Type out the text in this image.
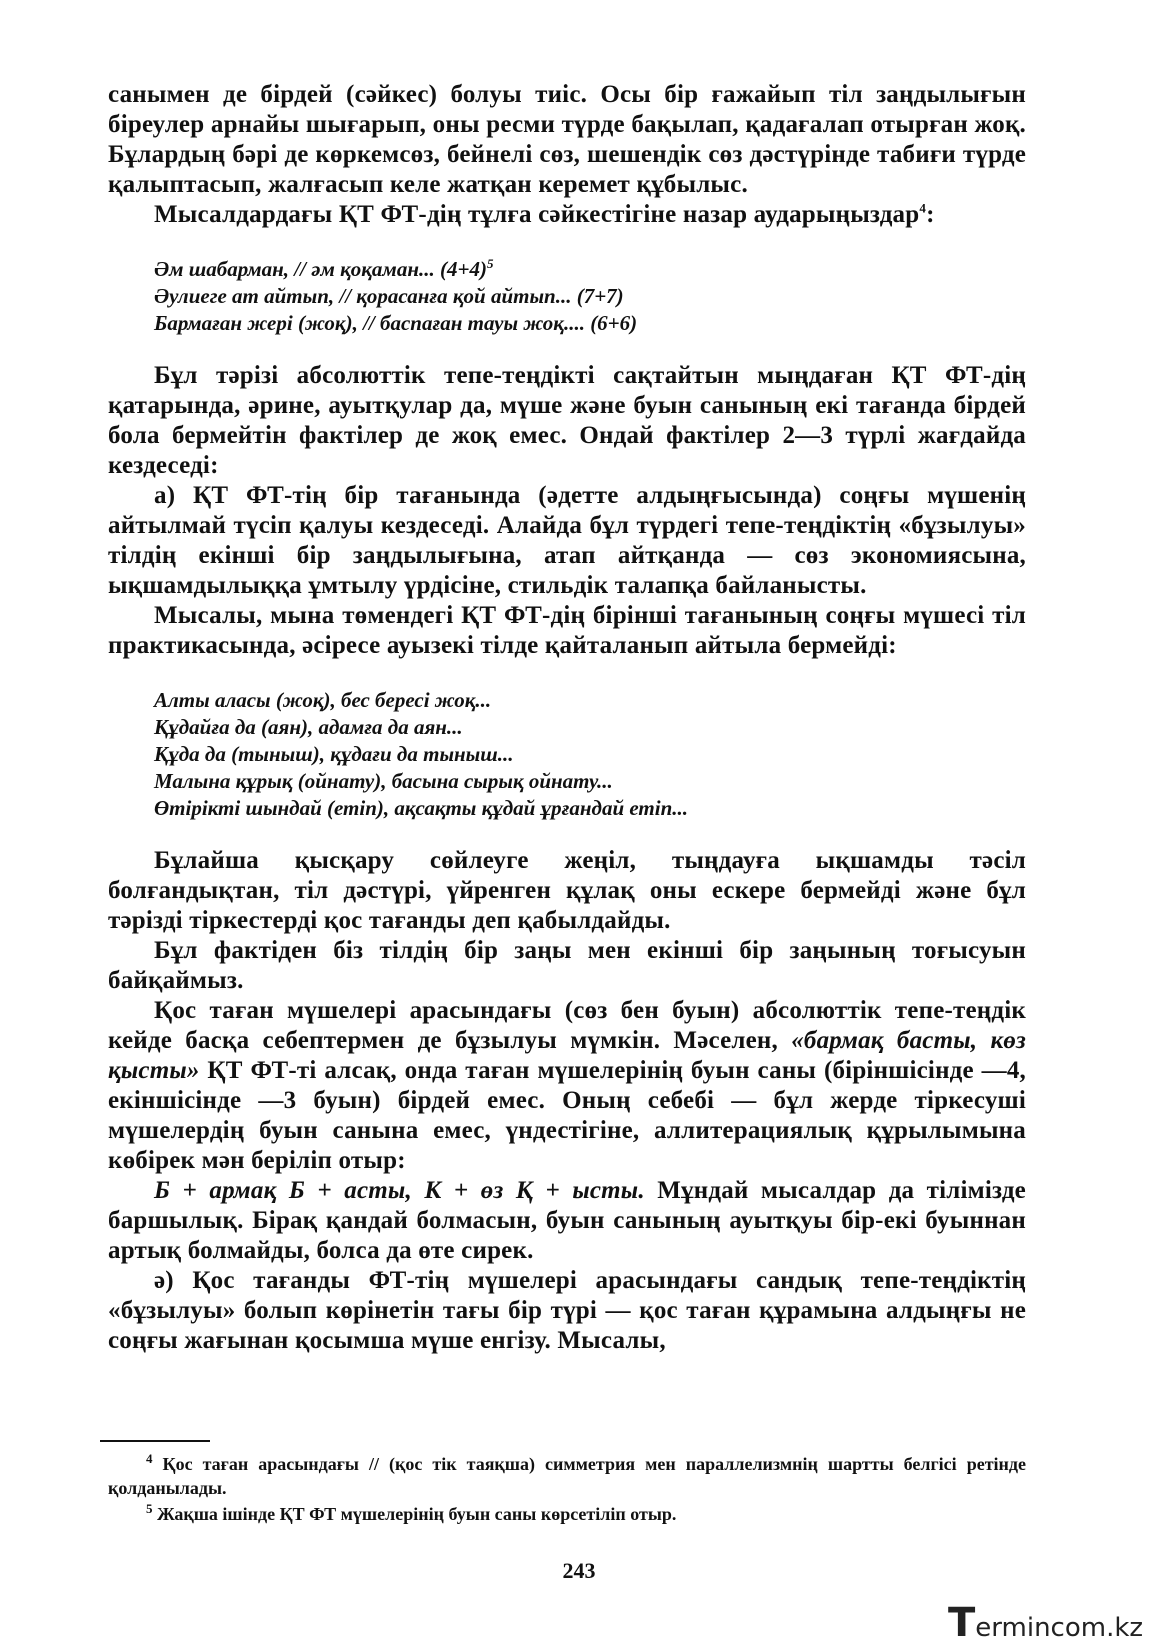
санымен де бірдей (сәйкес) болуы тиіс. Осы бір ғажайып тіл заңдылығын біреулер арнайы шығарып, оны ресми түрде бақылап, қадағалап отырған жоқ. Бұлардың бәрі де көркемсөз, бейнелі сөз, шешендік сөз дәстүрінде табиғи түрде қалыптасып, жалғасып келе жатқан керемет құбылыс.

Мысалдардағы ҚТ ФТ-дің тұлға сәйкестігіне назар аударыңыздар$^4$:

Әм шабарман, // әм қоқаман... $(4+4)^5$
Әулиеге ат айтып, // қорасанға қой айтып... (7+7)
Бармаған жері (жоқ), // баспаған тауы жоқ.... (6+6)

Бұл тәрізі абсолюттік тепе-теңдікті сақтайтын мыңдаған ҚТ ФТ-дің қатарында, әрине, ауытқулар да, мүше және буын санының екі тағанда бірдей бола бермейтін фактілер де жоқ емес. Ондай фактілер 2—3 түрлі жағдайда кездеседі:

а) ҚТ ФТ-тің бір тағанында (әдетте алдыңғысында) соңғы мүшенің айтылмай түсіп қалуы кездеседі. Алайда бұл түрдегі тепе-теңдіктің «бұзылуы» тілдің екінші бір заңдылығына, атап айтқанда — сөз экономиясына, ықшамдылыққа ұмтылу үрдісіне, стильдік талапқа байланысты.

Мысалы, мына төмендегі ҚТ ФТ-дің бірінші тағанының соңғы мүшесі тіл практикасында, әсіресе ауызекі тілде қайталанып айтыла бермейді:

Алты аласы (жоқ), бес бересі жоқ...
Құдайға да (аян), адамға да аян...
Құда да (тыныш), құдағи да тыныш...
Малына құрық (ойнату), басына сырық ойнату...
Өтірікті шындай (етіп), ақсақты құдай ұрғандай етіп...

Бұлайша қысқару сөйлеуге жеңіл, тыңдауға ықшамды тәсіл болғандықтан, тіл дәстүрі, үйренген құлақ оны ескере бермейді және бұл тәрізді тіркестерді қос тағанды деп қабылдайды.

Бұл фактіден біз тілдің бір заңы мен екінші бір заңының тоғысуын байқаймыз.

Қос таған мүшелері арасындағы (сөз бен буын) абсолюттік тепе-теңдік кейде басқа себептермен де бұзылуы мүмкін. Мәселен, «бармақ басты, көз қысты» ҚТ ФТ-ті алсақ, онда таған мүшелерінің буын саны (біріншісінде —4, екіншісінде —3 буын) бірдей емес. Оның себебі — бұл жерде тіркесуші мүшелердің буын санына емес, үндестігіне, аллитерациялық құрылымына көбірек мән беріліп отыр:

Б + армақ Б + асты, К + өз Қ + ысты. Мұндай мысалдар да тілімізде баршылық. Бірақ қандай болмасын, буын санының ауытқуы бір-екі буыннан артық болмайды, болса да өте сирек.

ә) Қос тағанды ФТ-тің мүшелері арасындағы сандық тепе-теңдіктің «бұзылуы» болып көрінетін тағы бір түрі — қос таған құрамына алдыңғы не соңғы жағынан қосымша мүше енгізу. Мысалы,

$^4$ Қос таған арасындағы // (қос тік таяқша) симметрия мен параллелизмнің шартты белгісі ретінде қолданылады.
$^5$ Жақша ішінде ҚТ ФТ мүшелерінің буын саны көрсетіліп отыр.
243
Termincom.kz
